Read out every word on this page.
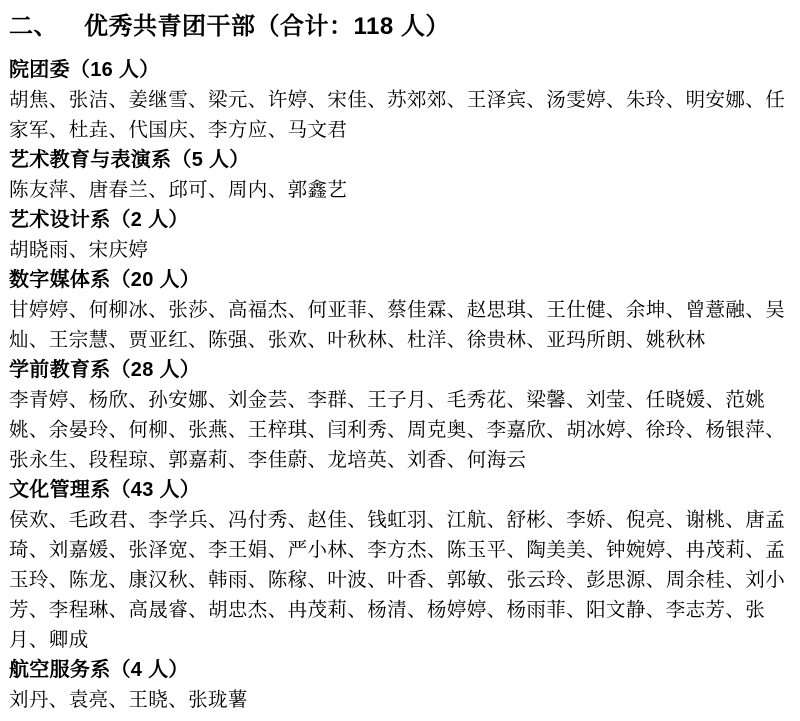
二、 优秀共青团干部（合计：118 人）
院团委（16 人）

胡焦、张洁、姜继雪、梁元、许婷、宋佳、苏郊郊、王泽宾、汤雯婷、朱玲、明安娜、任家军、杜垚、代国庆、李方应、马文君

艺术教育与表演系（5 人）

陈友萍、唐春兰、邱可、周内、郭鑫艺

艺术设计系（2 人）

胡晓雨、宋庆婷

数字媒体系（20 人）

甘婷婷、何柳冰、张莎、高福杰、何亚菲、蔡佳霖、赵思琪、王仕健、余坤、曾薏融、吴灿、王宗慧、贾亚红、陈强、张欢、叶秋林、杜洋、徐贵林、亚玛所朗、姚秋林

学前教育系（28 人）

李青婷、杨欣、孙安娜、刘金芸、李群、王子月、毛秀花、梁馨、刘莹、任晓媛、范姚姚、余晏玲、何柳、张燕、王梓琪、闫利秀、周克奥、李嘉欣、胡冰婷、徐玲、杨银萍、张永生、段程琼、郭嘉莉、李佳蔚、龙培英、刘香、何海云

文化管理系（43 人）

侯欢、毛政君、李学兵、冯付秀、赵佳、钱虹羽、江航、舒彬、李娇、倪亮、谢桃、唐孟琦、刘嘉媛、张泽宽、李王娟、严小林、李方杰、陈玉平、陶美美、钟婉婷、冉茂莉、孟玉玲、陈龙、康汉秋、韩雨、陈稼、叶波、叶香、郭敏、张云玲、彭思源、周余桂、刘小芳、李程琳、高晟睿、胡忠杰、冉茂莉、杨清、杨婷婷、杨雨菲、阳文静、李志芳、张月、卿成

航空服务系（4 人）

刘丹、袁亮、王晓、张珑薯
